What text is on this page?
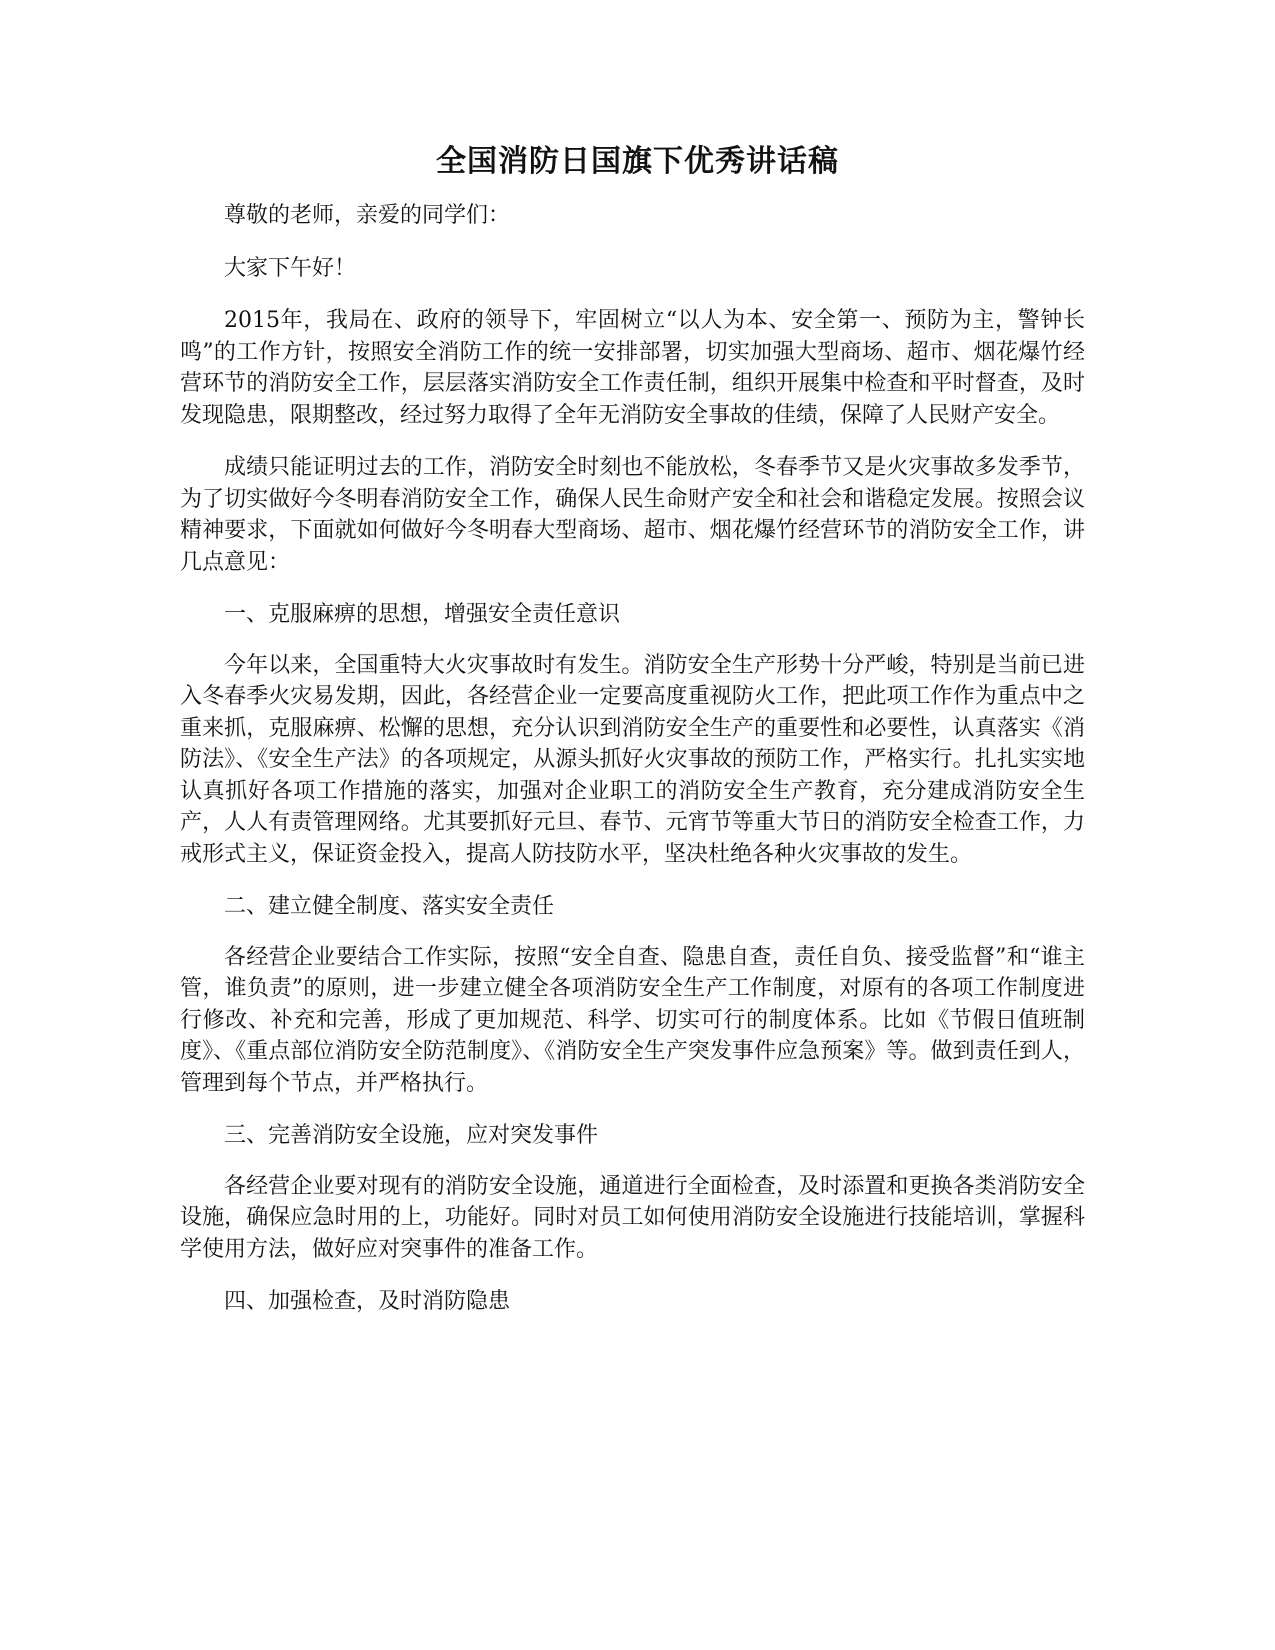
全国消防日国旗下优秀讲话稿

尊敬的老师，亲爱的同学们：

大家下午好！

2015年，我局在、政府的领导下，牢固树立“以人为本、安全第一、预防为主，警钟长鸣”的工作方针，按照安全消防工作的统一安排部署，切实加强大型商场、超市、烟花爆竹经营环节的消防安全工作，层层落实消防安全工作责任制，组织开展集中检查和平时督查，及时发现隐患，限期整改，经过努力取得了全年无消防安全事故的佳绩，保障了人民财产安全。

成绩只能证明过去的工作，消防安全时刻也不能放松，冬春季节又是火灾事故多发季节，为了切实做好今冬明春消防安全工作，确保人民生命财产安全和社会和谐稳定发展。按照会议精神要求，下面就如何做好今冬明春大型商场、超市、烟花爆竹经营环节的消防安全工作，讲几点意见：

一、克服麻痹的思想，增强安全责任意识

今年以来，全国重特大火灾事故时有发生。消防安全生产形势十分严峻，特别是当前已进入冬春季火灾易发期，因此，各经营企业一定要高度重视防火工作，把此项工作作为重点中之重来抓，克服麻痹、松懈的思想，充分认识到消防安全生产的重要性和必要性，认真落实《消防法》、《安全生产法》的各项规定，从源头抓好火灾事故的预防工作，严格实行。扎扎实实地认真抓好各项工作措施的落实，加强对企业职工的消防安全生产教育，充分建成消防安全生产，人人有责管理网络。尤其要抓好元旦、春节、元宵节等重大节日的消防安全检查工作，力戒形式主义，保证资金投入，提高人防技防水平，坚决杜绝各种火灾事故的发生。

二、建立健全制度、落实安全责任

各经营企业要结合工作实际，按照“安全自查、隐患自查，责任自负、接受监督”和“谁主管，谁负责”的原则，进一步建立健全各项消防安全生产工作制度，对原有的各项工作制度进行修改、补充和完善，形成了更加规范、科学、切实可行的制度体系。比如《节假日值班制度》、《重点部位消防安全防范制度》、《消防安全生产突发事件应急预案》等。做到责任到人，管理到每个节点，并严格执行。

三、完善消防安全设施，应对突发事件

各经营企业要对现有的消防安全设施，通道进行全面检查，及时添置和更换各类消防安全设施，确保应急时用的上，功能好。同时对员工如何使用消防安全设施进行技能培训，掌握科学使用方法，做好应对突事件的准备工作。

四、加强检查，及时消防隐患
